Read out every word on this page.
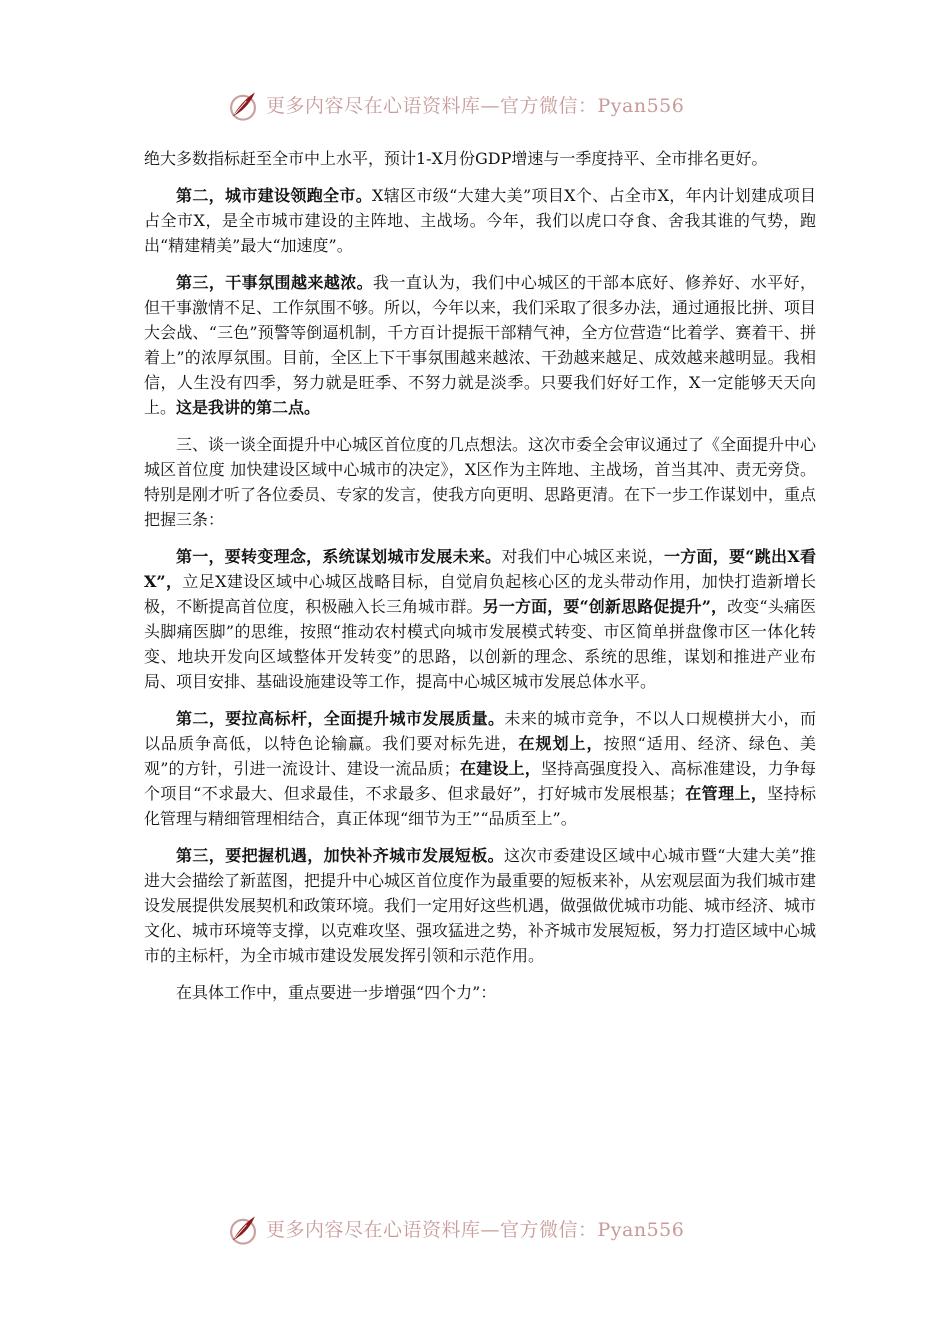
更多内容尽在心语资料库—官方微信：Pyan556

绝大多数指标赶至全市中上水平，预计1-X月份GDP增速与一季度持平、全市排名更好。

第二，城市建设领跑全市。X辖区市级“大建大美”项目X个、占全市X，年内计划建成项目占全市X，是全市城市建设的主阵地、主战场。今年，我们以虎口夺食、舍我其谁的气势，跑出“精建精美”最大“加速度”。

第三，干事氛围越来越浓。我一直认为，我们中心城区的干部本底好、修养好、水平好，但干事激情不足、工作氛围不够。所以，今年以来，我们采取了很多办法，通过通报比拼、项目大会战、“三色”预警等倒逼机制，千方百计提振干部精气神，全方位营造“比着学、赛着干、拼着上”的浓厚氛围。目前，全区上下干事氛围越来越浓、干劲越来越足、成效越来越明显。我相信，人生没有四季，努力就是旺季、不努力就是淡季。只要我们好好工作，X一定能够天天向上。这是我讲的第二点。

三、谈一谈全面提升中心城区首位度的几点想法。这次市委全会审议通过了《全面提升中心城区首位度 加快建设区域中心城市的决定》，X区作为主阵地、主战场，首当其冲、责无旁贷。特别是刚才听了各位委员、专家的发言，使我方向更明、思路更清。在下一步工作谋划中，重点把握三条：

第一，要转变理念，系统谋划城市发展未来。对我们中心城区来说，一方面，要“跳出X看X”，立足X建设区域中心城区战略目标，自觉肩负起核心区的龙头带动作用，加快打造新增长极，不断提高首位度，积极融入长三角城市群。另一方面，要“创新思路促提升”，改变“头痛医头脚痛医脚”的思维，按照“推动农村模式向城市发展模式转变、市区简单拼盘像市区一体化转变、地块开发向区域整体开发转变”的思路，以创新的理念、系统的思维，谋划和推进产业布局、项目安排、基础设施建设等工作，提高中心城区城市发展总体水平。

第二，要拉高标杆，全面提升城市发展质量。未来的城市竞争，不以人口规模拼大小，而以品质争高低，以特色论输赢。我们要对标先进，在规划上，按照“适用、经济、绿色、美观”的方针，引进一流设计、建设一流品质；在建设上，坚持高强度投入、高标准建设，力争每个项目“不求最大、但求最佳，不求最多、但求最好”，打好城市发展根基；在管理上，坚持标化管理与精细管理相结合，真正体现“细节为王”“品质至上”。

第三，要把握机遇，加快补齐城市发展短板。这次市委建设区域中心城市暨“大建大美”推进大会描绘了新蓝图，把提升中心城区首位度作为最重要的短板来补，从宏观层面为我们城市建设发展提供发展契机和政策环境。我们一定用好这些机遇，做强做优城市功能、城市经济、城市文化、城市环境等支撑，以克难攻坚、强攻猛进之势，补齐城市发展短板，努力打造区域中心城市的主标杆，为全市城市建设发展发挥引领和示范作用。

在具体工作中，重点要进一步增强“四个力”：

更多内容尽在心语资料库—官方微信：Pyan556
